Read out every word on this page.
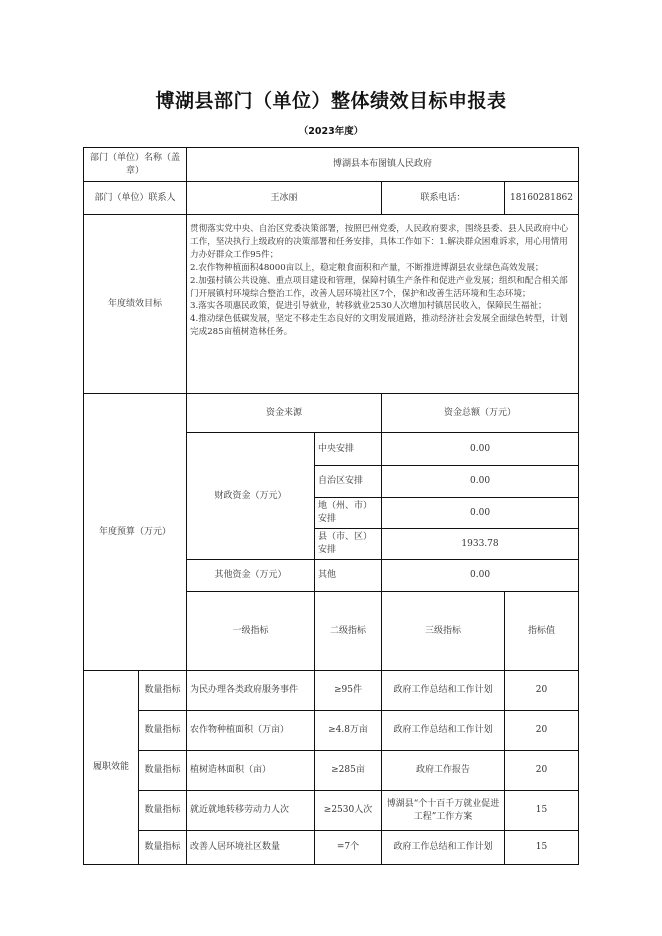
博湖县部门（单位）整体绩效目标申报表
（2023年度）
部门（单位）名称（盖章）		博湖县本布图镇人民政府				
部门（单位）联系人		王冰丽		联系电话：	18160281862	
年度绩效目标		贯彻落实党中央、自治区党委决策部署，按照巴州党委，人民政府要求，围绕县委、县人民政府中心工作，坚决执行上级政府的决策部署和任务安排，具体工作如下：1.解决群众困难诉求，用心用情用力办好群众工作95件；
2.农作物种植面积48000亩以上，稳定粮食面积和产量，不断推进博湖县农业绿色高效发展；
2.加强村镇公共设施、重点项目建设和管理，保障村镇生产条件和促进产业发展；组织和配合相关部门开展镇村环境综合整治工作，改善人居环境社区7个，保护和改善生活环境和生态环境；
3.落实各项惠民政策，促进引导就业，转移就业2530人次增加村镇居民收入，保障民生福祉；
4.推动绿色低碳发展，坚定不移走生态良好的文明发展道路，推动经济社会发展全面绿色转型，计划完成285亩植树造林任务。				

年度预算（万元）		资金来源		资金总额（万元）		
		财政资金（万元）	中央安排	0.00		
			自治区安排	0.00		
			地（州、市）安排	0.00		
			县（市、区）安排	1933.78		
		其他资金（万元）	其他	0.00		
		一级指标	二级指标	三级指标	指标值		
履职效能	数量指标	为民办理各类政府服务事件	≥95件	政府工作总结和工作计划	20	
	数量指标	农作物种植面积（万亩）	≥4.8万亩	政府工作总结和工作计划	20	
	数量指标	植树造林面积（亩）	≥285亩	政府工作报告	20	
	数量指标	就近就地转移劳动力人次	≥2530人次	博湖县“个十百千万就业促进工程”工作方案	15	
	数量指标	改善人居环境社区数量	=7个	政府工作总结和工作计划	15	
